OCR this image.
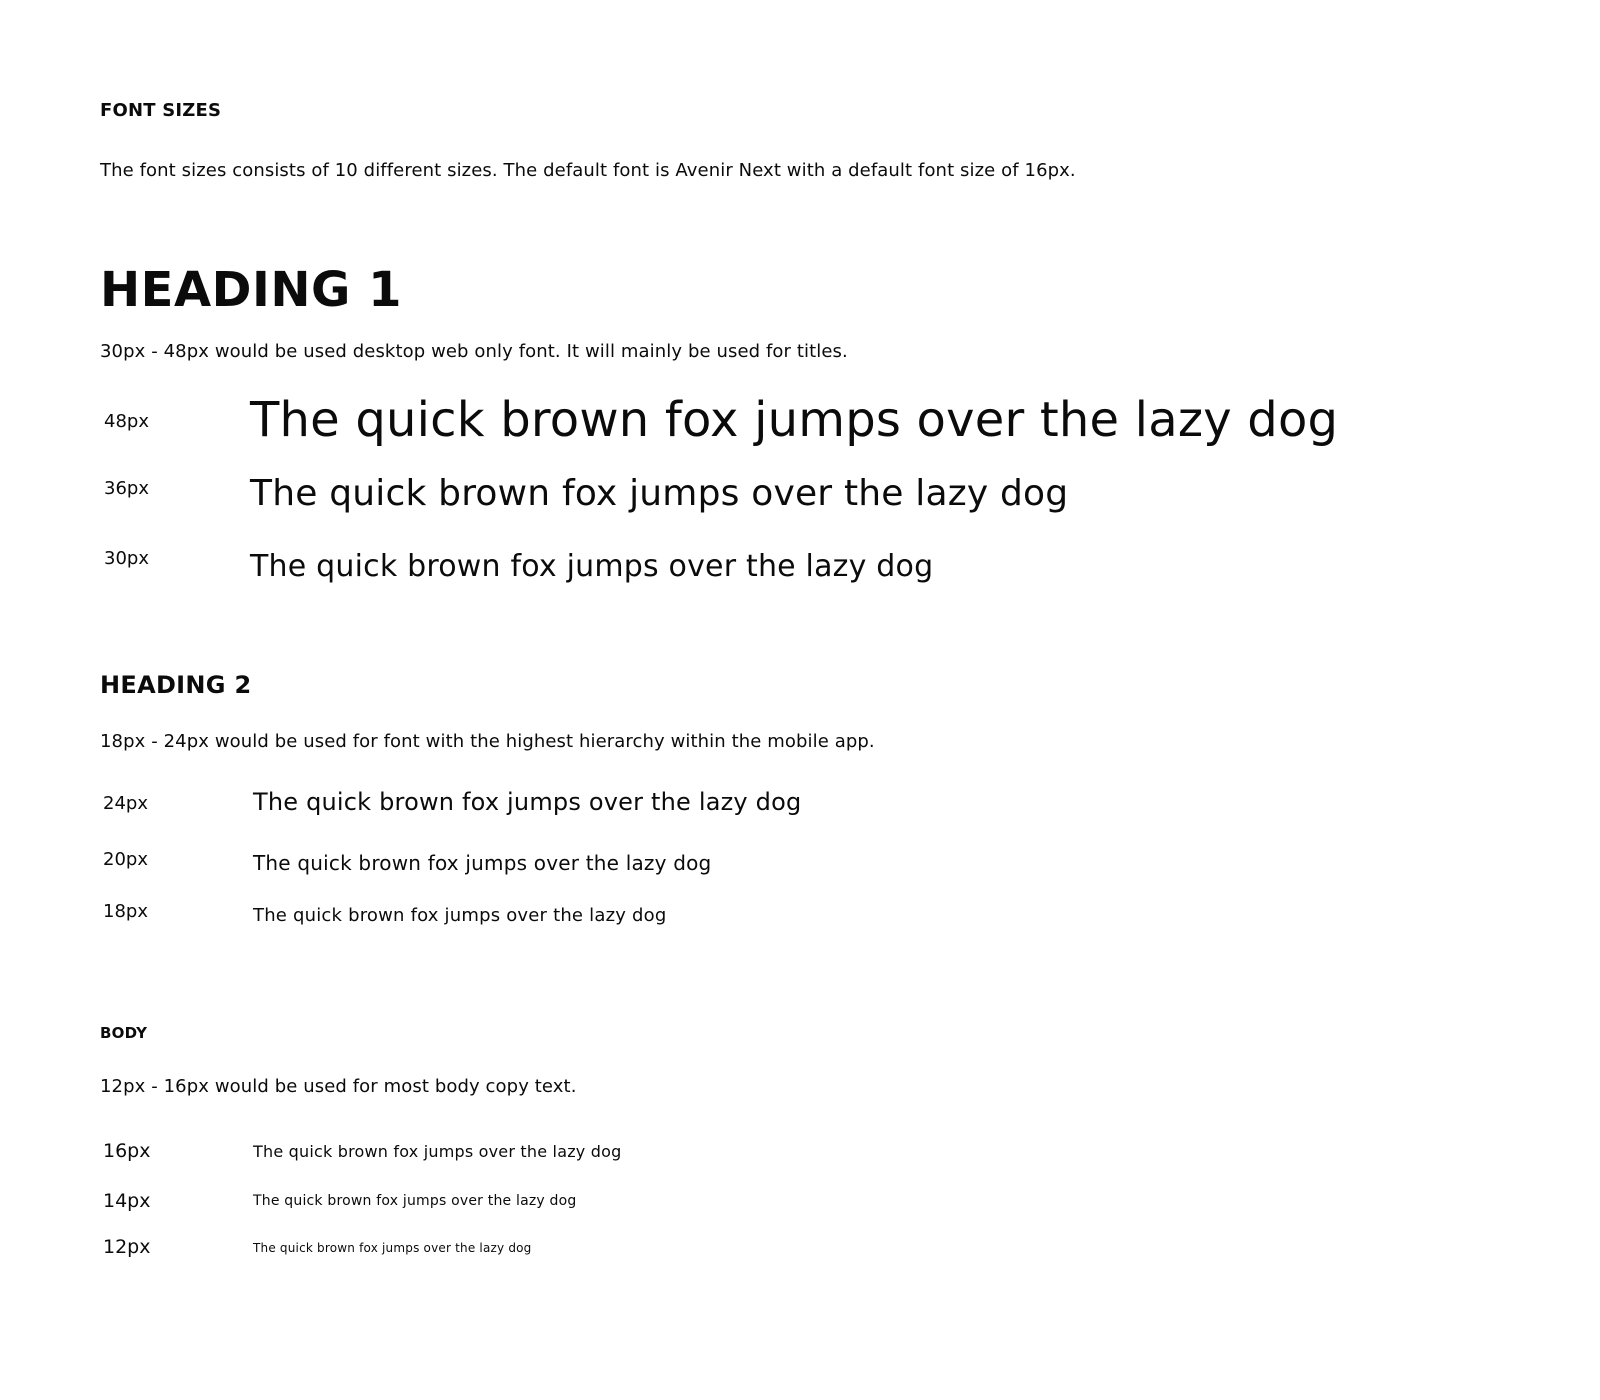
FONT SIZES
The font sizes consists of 10 different sizes. The default font is Avenir Next with a default font size of 16px.
HEADING 1
30px - 48px would be used desktop web only font. It will mainly be used for titles.
48px The quick brown fox jumps over the lazy dog
36px	The quick brown fox jumps over the lazy dog
30px	The quick brown fox jumps over the lazy dog
HEADING 2
18px - 24px would be used for font with the highest hierarchy within the mobile app.
24px	The quick brown fox jumps over the lazy dog
20px	The quick brown fox jumps over the lazy dog
18px	The quick brown fox jumps over the lazy dog
BODY
12px - 16px would be used for most body copy text.
16px	The quick brown fox jumps over the lazy dog
14px	The quick brown fox jumps over the lazy dog
12px	The quick brown fox jumps over the lazy dog
